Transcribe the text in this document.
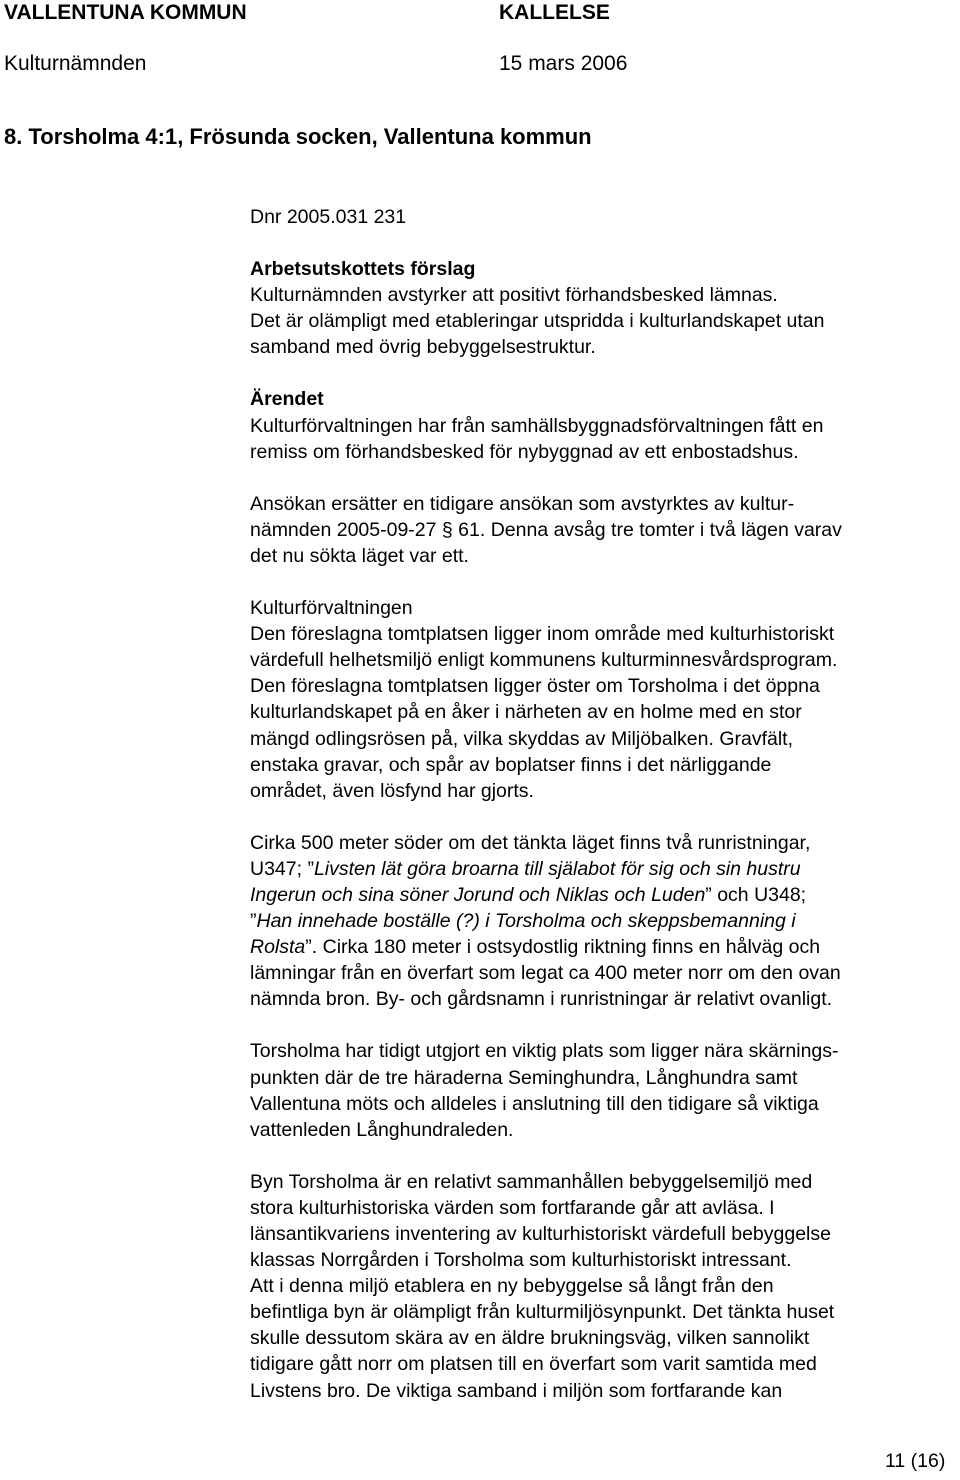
VALLENTUNA KOMMUN	KALLELSE
Kulturnämnden	15 mars 2006
8. Torsholma 4:1, Frösunda socken, Vallentuna kommun

Dnr 2005.031 231

Arbetsutskottets förslag

Kulturnämnden avstyrker att positivt förhandsbesked lämnas.

Det är olämpligt med etableringar utspridda i kulturlandskapet utan

samband med övrig bebyggelsestruktur.

Ärendet

Kulturförvaltningen har från samhällsbyggnadsförvaltningen fått en

remiss om förhandsbesked för nybyggnad av ett enbostadshus.

Ansökan ersätter en tidigare ansökan som avstyrktes av kultur-

nämnden 2005-09-27 § 61. Denna avsåg tre tomter i två lägen varav

det nu sökta läget var ett.

Kulturförvaltningen

Den föreslagna tomtplatsen ligger inom område med kulturhistoriskt

värdefull helhetsmiljö enligt kommunens kulturminnesvårdsprogram.

Den föreslagna tomtplatsen ligger öster om Torsholma i det öppna

kulturlandskapet på en åker i närheten av en holme med en stor

mängd odlingsrösen på, vilka skyddas av Miljöbalken. Gravfält,

enstaka gravar, och spår av boplatser finns i det närliggande

området, även lösfynd har gjorts.

Cirka 500 meter söder om det tänkta läget finns två runristningar,

U347; ”Livsten lät göra broarna till själabot för sig och sin hustru

Ingerun och sina söner Jorund och Niklas och Luden” och U348;

”Han innehade boställe (?) i Torsholma och skeppsbemanning i

Rolsta”. Cirka 180 meter i ostsydostlig riktning finns en hålväg och

lämningar från en överfart som legat ca 400 meter norr om den ovan

nämnda bron. By- och gårdsnamn i runristningar är relativt ovanligt.

Torsholma har tidigt utgjort en viktig plats som ligger nära skärnings-

punkten där de tre häraderna Seminghundra, Långhundra samt

Vallentuna möts och alldeles i anslutning till den tidigare så viktiga

vattenleden Långhundraleden.

Byn Torsholma är en relativt sammanhållen bebyggelsemiljö med

stora kulturhistoriska värden som fortfarande går att avläsa. I

länsantikvariens inventering av kulturhistoriskt värdefull bebyggelse

klassas Norrgården i Torsholma som kulturhistoriskt intressant.

Att i denna miljö etablera en ny bebyggelse så långt från den

befintliga byn är olämpligt från kulturmiljösynpunkt. Det tänkta huset

skulle dessutom skära av en äldre brukningsväg, vilken sannolikt

tidigare gått norr om platsen till en överfart som varit samtida med

Livstens bro. De viktiga samband i miljön som fortfarande kan

11 (16)
